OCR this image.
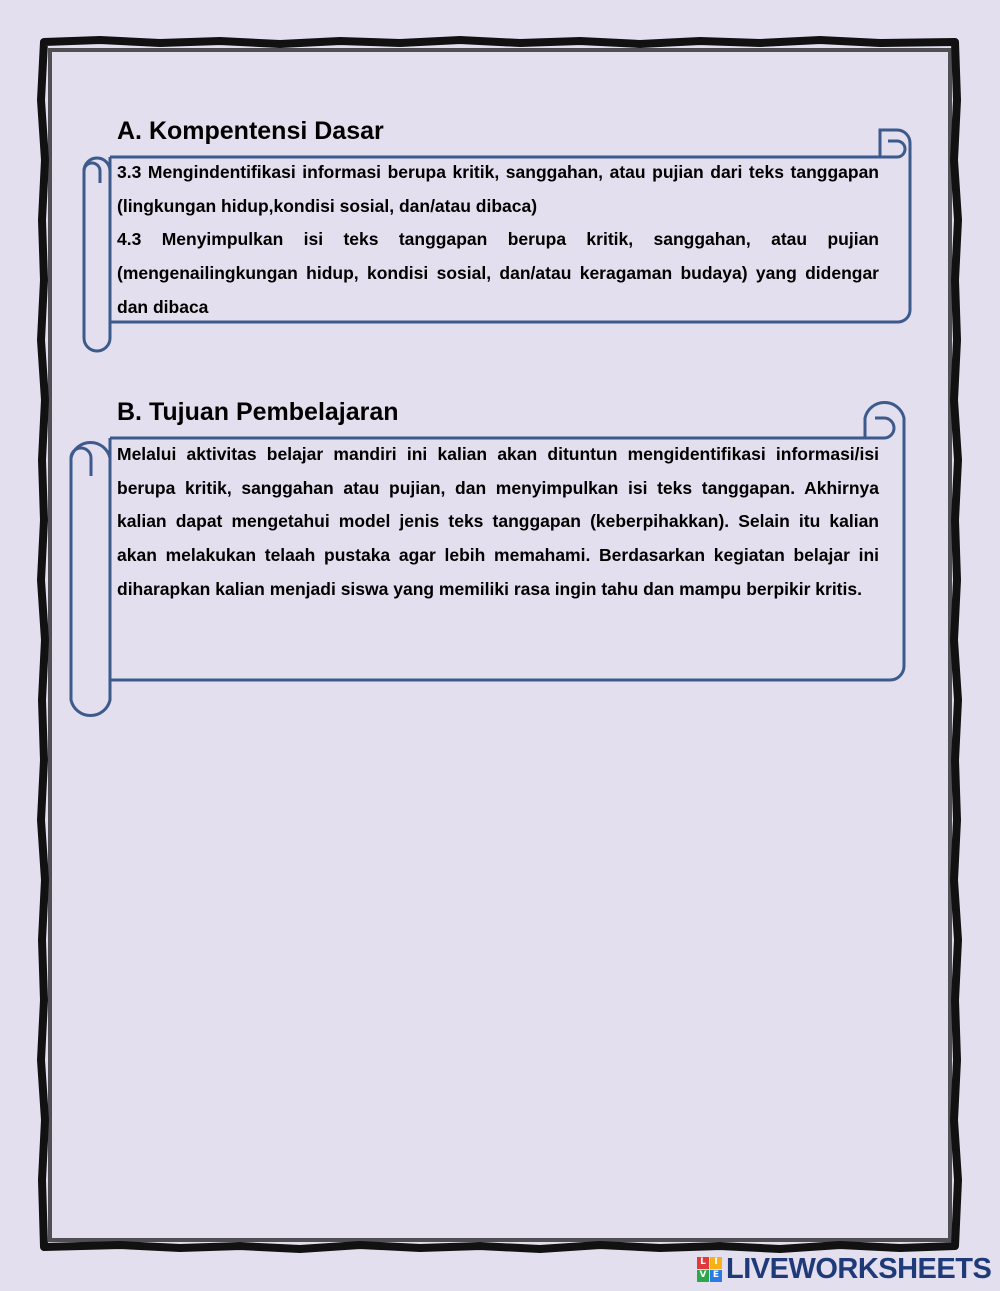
A. Kompentensi Dasar

3.3 Mengindentifikasi informasi berupa kritik, sanggahan, atau pujian dari teks tanggapan (lingkungan hidup,kondisi sosial, dan/atau dibaca)
4.3 Menyimpulkan isi teks tanggapan berupa kritik, sanggahan, atau pujian (mengenailingkungan hidup, kondisi sosial, dan/atau keragaman budaya) yang didengar dan dibaca

B. Tujuan Pembelajaran

Melalui aktivitas belajar mandiri ini kalian akan dituntun mengidentifikasi informasi/isi berupa kritik, sanggahan atau pujian, dan menyimpulkan isi teks tanggapan. Akhirnya kalian dapat mengetahui model jenis teks tanggapan (keberpihakkan). Selain itu kalian akan melakukan telaah pustaka agar lebih memahami. Berdasarkan kegiatan belajar ini diharapkan kalian menjadi siswa yang memiliki rasa ingin tahu dan mampu berpikir kritis.

L I
V E LIVEWORKSHEETS
